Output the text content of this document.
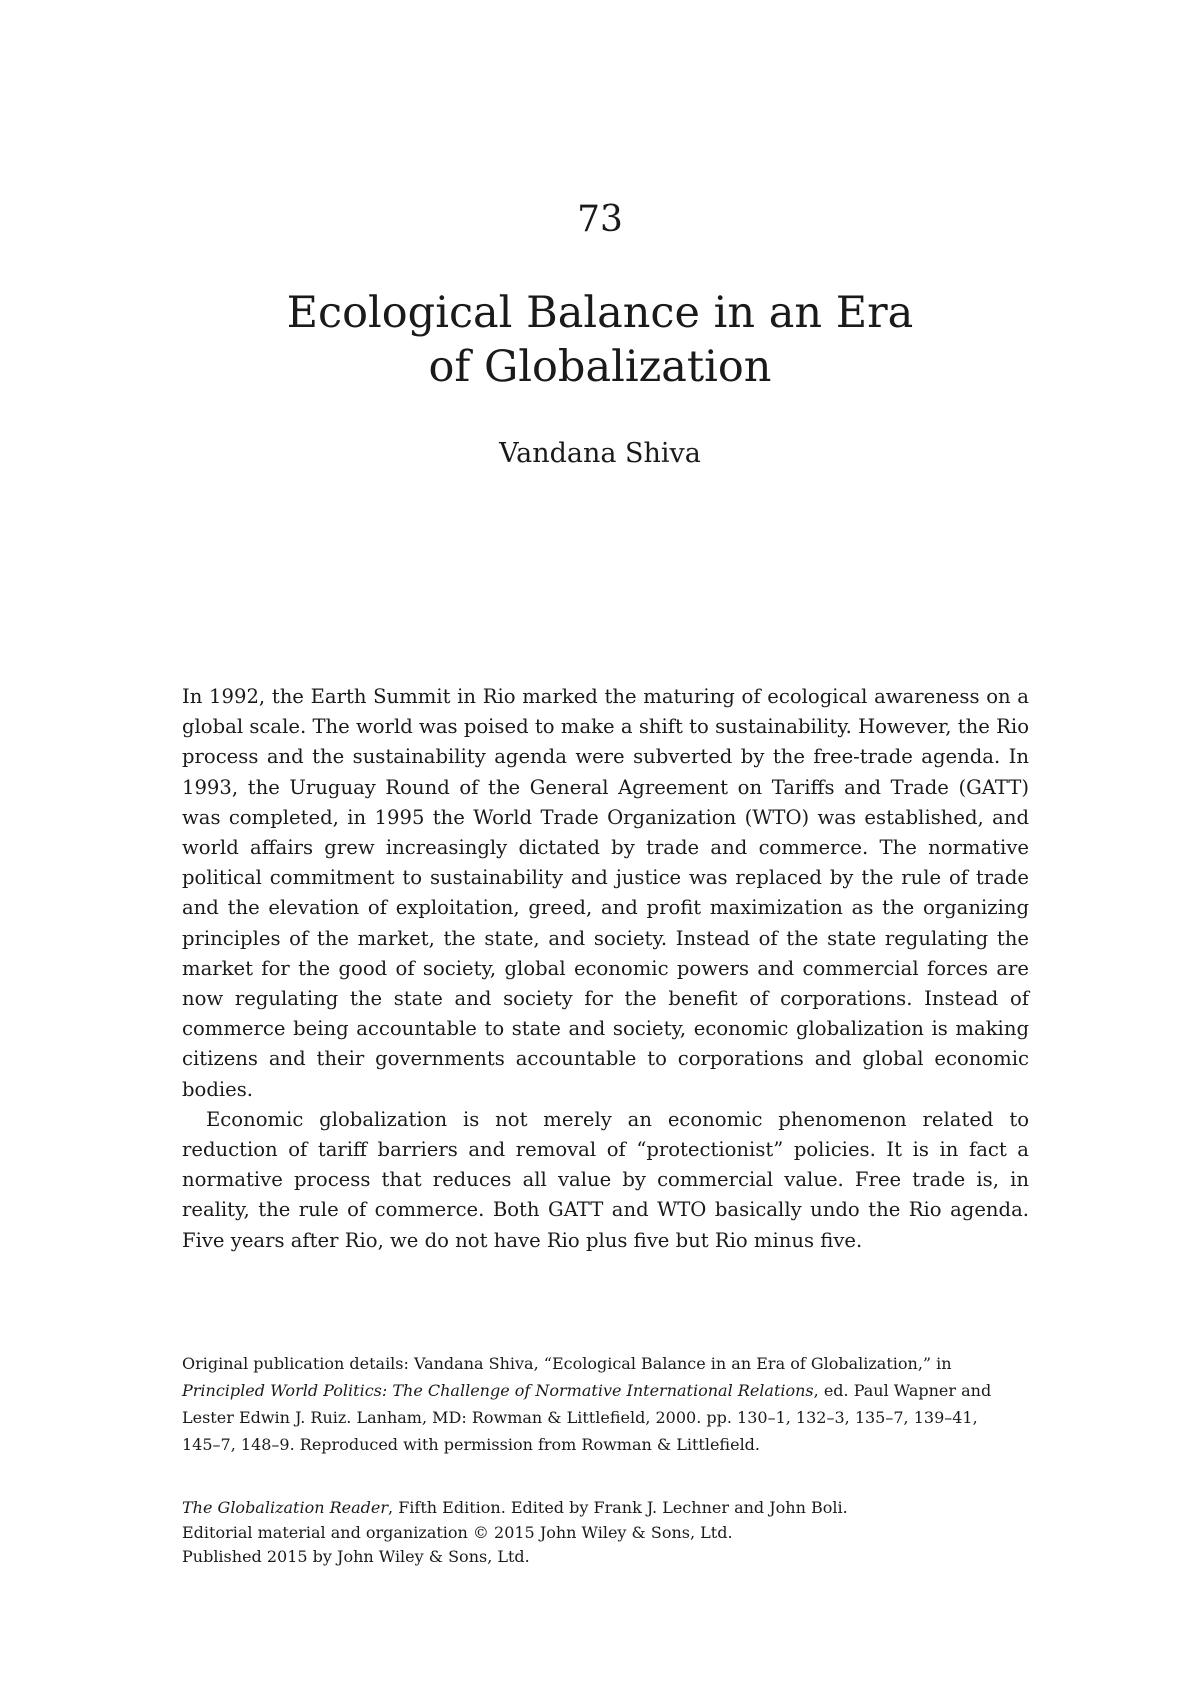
73
Ecological Balance in an Era
of Globalization
Vandana Shiva

In 1992, the Earth Summit in Rio marked the maturing of ecological awareness on a global scale. The world was poised to make a shift to sustainability. However, the Rio process and the sustainability agenda were subverted by the free-trade agenda. In 1993, the Uruguay Round of the General Agreement on Tariffs and Trade (GATT) was completed, in 1995 the World Trade Organization (WTO) was established, and world affairs grew increasingly dictated by trade and commerce. The normative political commitment to sustainability and justice was replaced by the rule of trade and the elevation of exploitation, greed, and profit maximization as the organizing principles of the market, the state, and society. Instead of the state regulating the market for the good of society, global economic powers and commercial forces are now regulating the state and society for the benefit of corporations. Instead of commerce being accountable to state and society, economic globalization is making citizens and their governments accountable to corporations and global economic bodies.

Economic globalization is not merely an economic phenomenon related to reduction of tariff barriers and removal of “protectionist” policies. It is in fact a normative process that reduces all value by commercial value. Free trade is, in reality, the rule of commerce. Both GATT and WTO basically undo the Rio agenda. Five years after Rio, we do not have Rio plus five but Rio minus five.

Original publication details: Vandana Shiva, “Ecological Balance in an Era of Globalization,” in
Principled World Politics: The Challenge of Normative International Relations, ed. Paul Wapner and
Lester Edwin J. Ruiz. Lanham, MD: Rowman & Littlefield, 2000. pp. 130–1, 132–3, 135–7, 139–41,
145–7, 148–9. Reproduced with permission from Rowman & Littlefield.
The Globalization Reader, Fifth Edition. Edited by Frank J. Lechner and John Boli.
Editorial material and organization © 2015 John Wiley & Sons, Ltd.
Published 2015 by John Wiley & Sons, Ltd.
